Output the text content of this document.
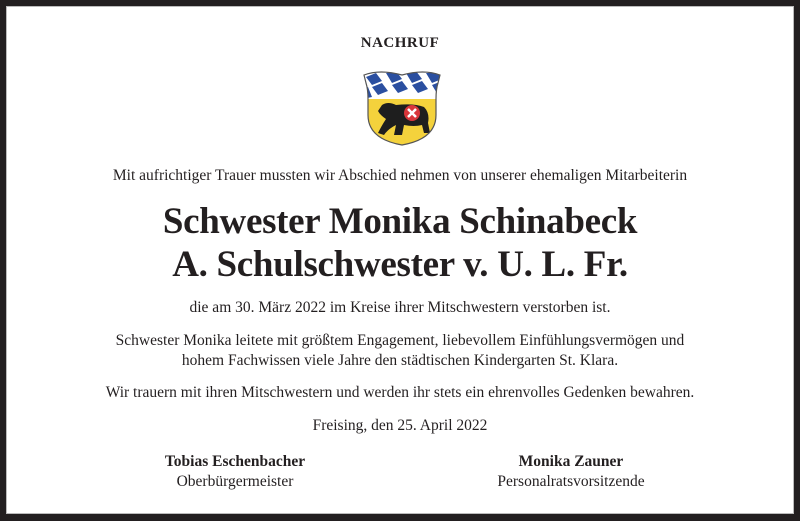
NACHRUF
Mit aufrichtiger Trauer mussten wir Abschied nehmen von unserer ehemaligen Mitarbeiterin
Schwester Monika Schinabeck
A. Schulschwester v. U. L. Fr.
die am 30. März 2022 im Kreise ihrer Mitschwestern verstorben ist.
Schwester Monika leitete mit größtem Engagement, liebevollem Einfühlungsvermögen und
hohem Fachwissen viele Jahre den städtischen Kindergarten St. Klara.
Wir trauern mit ihren Mitschwestern und werden ihr stets ein ehrenvolles Gedenken bewahren.
Freising, den 25. April 2022
Tobias Eschenbacher
Oberbürgermeister
Monika Zauner
Personalratsvorsitzende
